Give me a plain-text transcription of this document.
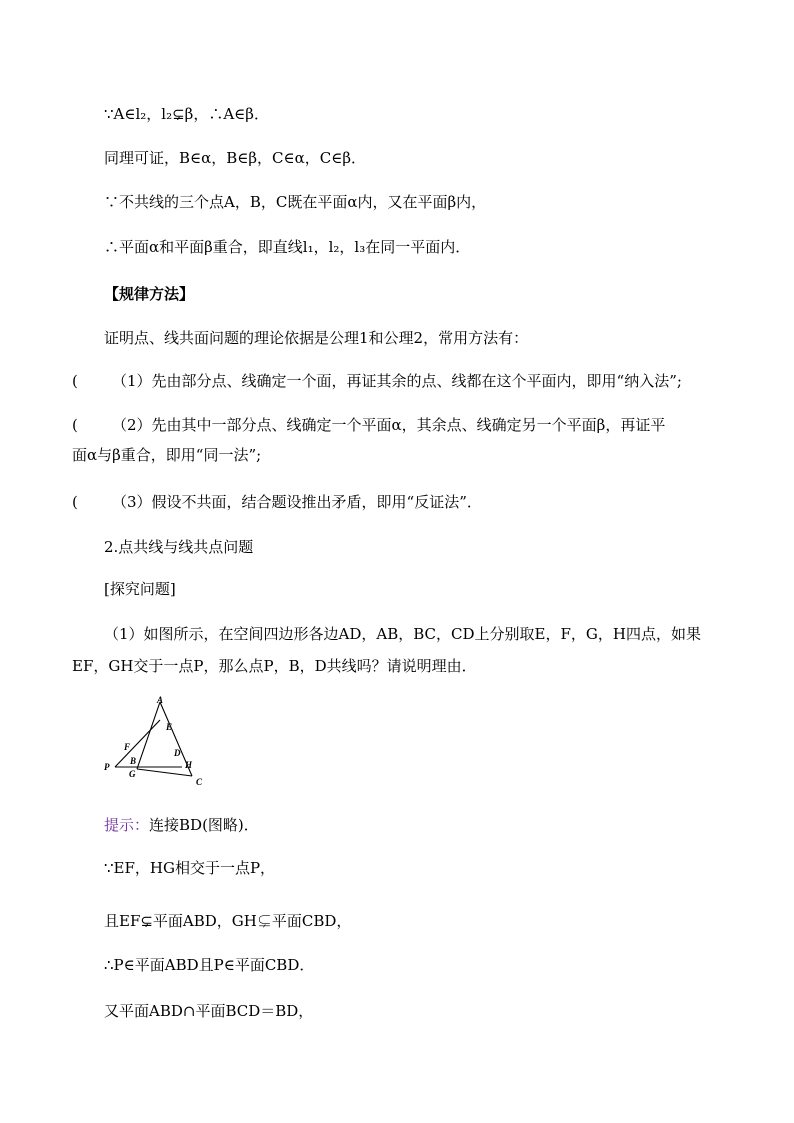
∵A∈l₂，l₂⊊β，∴A∈β．
同理可证，B∈α，B∈β，C∈α，C∈β．
∵不共线的三个点A，B，C既在平面α内，又在平面β内，
∴平面α和平面β重合，即直线l₁，l₂，l₃在同一平面内．
【规律方法】
证明点、线共面问题的理论依据是公理1和公理2，常用方法有：
( （1）先由部分点、线确定一个面，再证其余的点、线都在这个平面内，即用“纳入法”;
( （2）先由其中一部分点、线确定一个平面α，其余点、线确定另一个平面β，再证平
面α与β重合，即用“同一法”;
( （3）假设不共面，结合题设推出矛盾，即用“反证法”．
2.点共线与线共点问题
[探究问题]
（1）如图所示，在空间四边形各边AD，AB，BC，CD上分别取E，F，G，H四点，如果
EF，GH交于一点P，那么点P，B，D共线吗？请说明理由．
A
E
F
D
B	H
P
G
C
提示：连接BD(图略)．
∵EF，HG相交于一点P，
且EF⊊平面ABD，GH⊊平面CBD，
∴P∈平面ABD且P∈平面CBD．
又平面ABD∩平面BCD＝BD，
